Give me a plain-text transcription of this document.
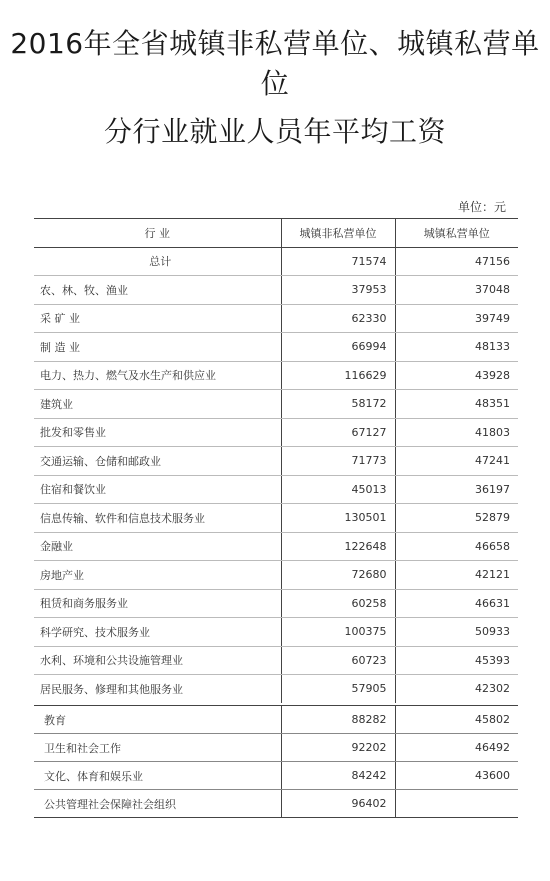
2016年全省城镇非私营单位、城镇私营单
位
分行业就业人员年平均工资
单位：元
行 业	城镇非私营单位	城镇私营单位
总计	71574	47156
农、林、牧、渔业	37953	37048
采 矿 业	62330	39749
制 造 业	66994	48133
电力、热力、燃气及水生产和供应业	116629	43928
建筑业	58172	48351
批发和零售业	67127	41803
交通运输、仓储和邮政业	71773	47241
住宿和餐饮业	45013	36197
信息传输、软件和信息技术服务业	130501	52879
金融业	122648	46658
房地产业	72680	42121
租赁和商务服务业	60258	46631
科学研究、技术服务业	100375	50933
水利、环境和公共设施管理业	60723	45393
居民服务、修理和其他服务业	57905	42302
教育	88282	45802
卫生和社会工作	92202	46492
文化、体育和娱乐业	84242	43600
公共管理社会保障社会组织	96402	
